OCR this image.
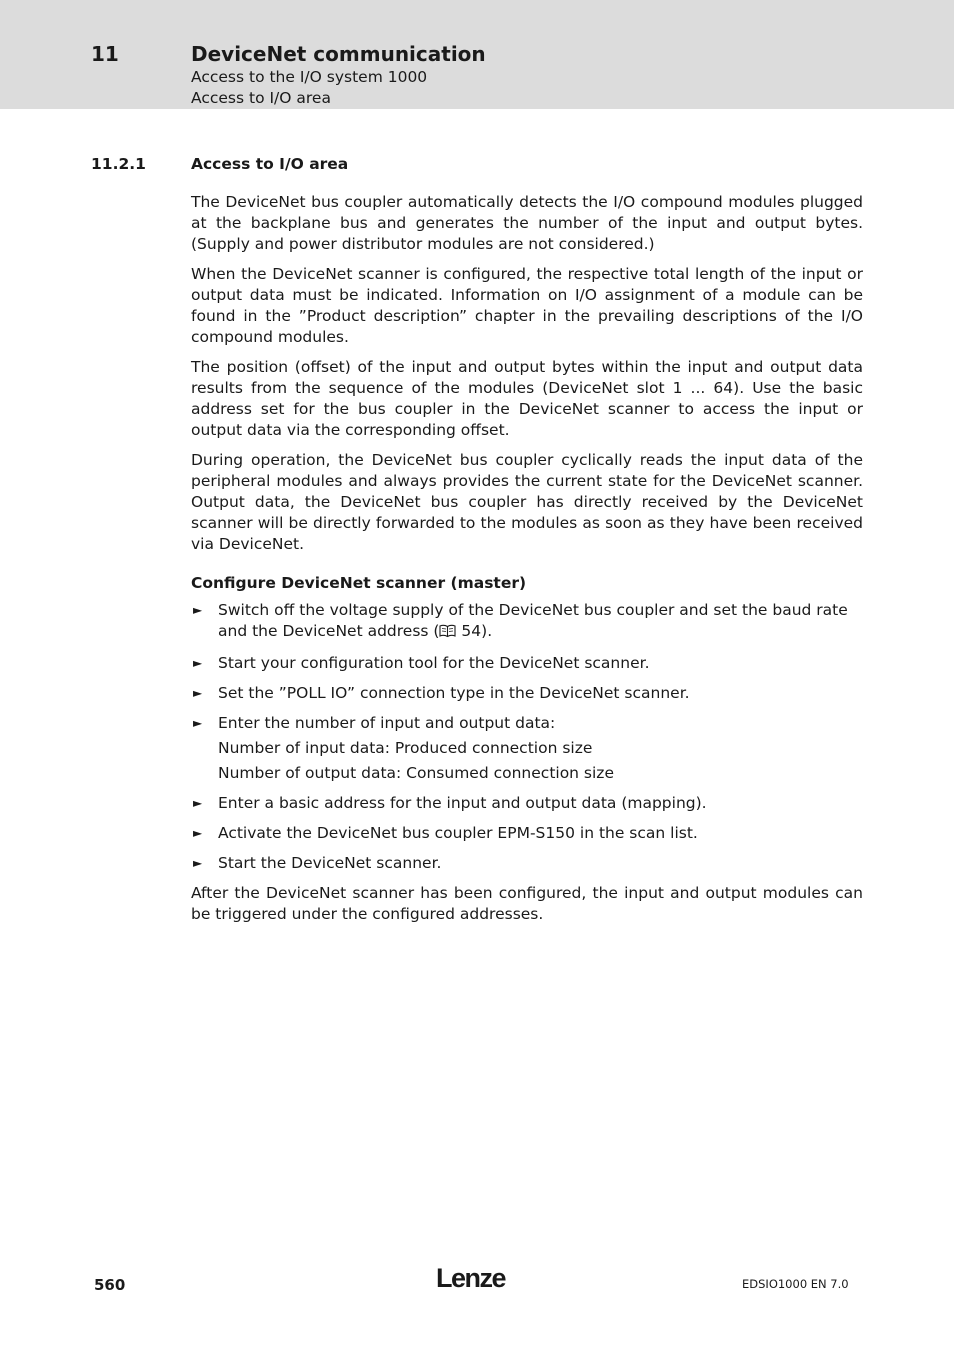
11	DeviceNet communication
Access to the I/O system 1000
Access to I/O area
11.2.1	Access to I/O area

The DeviceNet bus coupler automatically detects the I/O compound modules plugged at the backplane bus and generates the number of the input and output bytes. (Supply and power distributor modules are not considered.)

When the DeviceNet scanner is configured, the respective total length of the input or output data must be indicated. Information on I/O assignment of a module can be found in the ”Product description” chapter in the prevailing descriptions of the I/O compound modules.

The position (offset) of the input and output bytes within the input and output data results from the sequence of the modules (DeviceNet slot 1 ... 64). Use the basic address set for the bus coupler in the DeviceNet scanner to access the input or output data via the corresponding offset.

During operation, the DeviceNet bus coupler cyclically reads the input data of the peripheral modules and always provides the current state for the DeviceNet scanner. Output data, the DeviceNet bus coupler has directly received by the DeviceNet scanner will be directly forwarded to the modules as soon as they have been received via DeviceNet.

Configure DeviceNet scanner (master)
► Switch off the voltage supply of the DeviceNet bus coupler and set the baud rate and the DeviceNet address ( 54).
► Start your configuration tool for the DeviceNet scanner.
► Set the ”POLL IO” connection type in the DeviceNet scanner.
► Enter the number of input and output data:
Number of input data: Produced connection size
Number of output data: Consumed connection size
► Enter a basic address for the input and output data (mapping).
► Activate the DeviceNet bus coupler EPM-S150 in the scan list.
► Start the DeviceNet scanner.

After the DeviceNet scanner has been configured, the input and output modules can be triggered under the configured addresses.

560	Lenze	EDSIO1000 EN 7.0
